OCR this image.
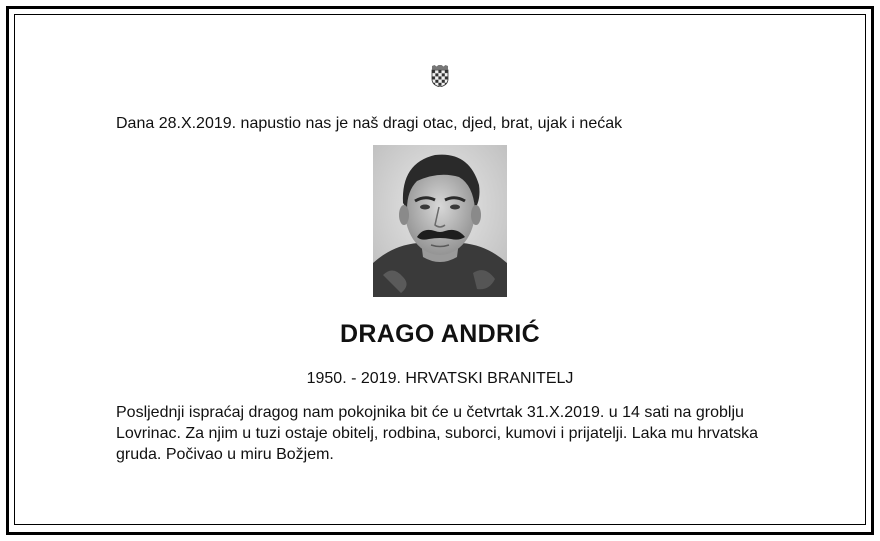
Dana 28.X.2019. napustio nas je naš dragi otac, djed, brat, ujak i nećak
DRAGO ANDRIĆ
1950. - 2019. HRVATSKI BRANITELJ
Posljednji ispraćaj dragog nam pokojnika bit će u četvrtak 31.X.2019. u 14 sati na groblju Lovrinac. Za njim u tuzi ostaje obitelj, rodbina, suborci, kumovi i prijatelji. Laka mu hrvatska gruda. Počivao u miru Božjem.
